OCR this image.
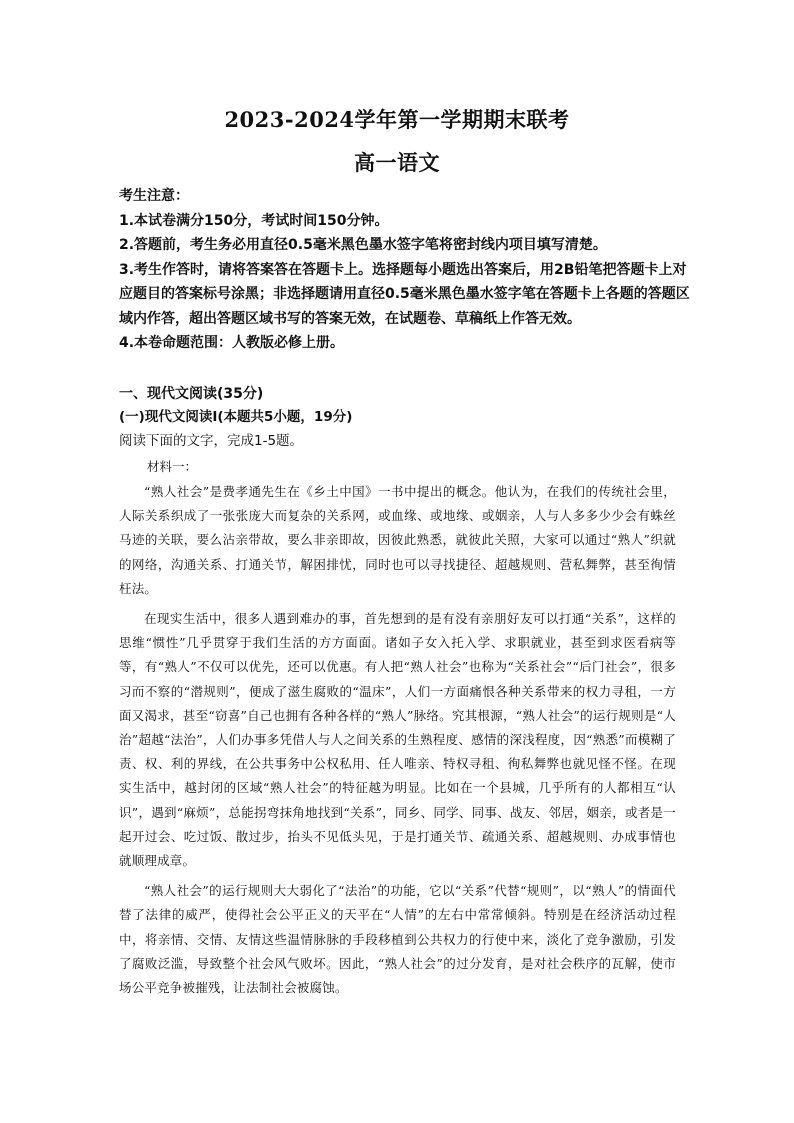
2023-2024学年第一学期期末联考
高一语文

考生注意：

1.本试卷满分150分，考试时间150分钟。

2.答题前，考生务必用直径0.5毫米黑色墨水签字笔将密封线内项目填写清楚。

3.考生作答时，请将答案答在答题卡上。选择题每小题选出答案后，用2B铅笔把答题卡上对应题目的答案标号涂黑；非选择题请用直径0.5毫米黑色墨水签字笔在答题卡上各题的答题区域内作答，超出答题区域书写的答案无效，在试题卷、草稿纸上作答无效。

4.本卷命题范围：人教版必修上册。

一、现代文阅读(35分)
(一)现代文阅读Ⅰ(本题共5小题，19分)
阅读下面的文字，完成1-5题。
材料一：

“熟人社会”是费孝通先生在《乡土中国》一书中提出的概念。他认为，在我们的传统社会里，人际关系织成了一张张庞大而复杂的关系网，或血缘、或地缘、或姻亲，人与人多多少少会有蛛丝马迹的关联，要么沾亲带故，要么非亲即故，因彼此熟悉，就彼此关照，大家可以通过“熟人”织就的网络，沟通关系、打通关节，解困排忧，同时也可以寻找捷径、超越规则、营私舞弊，甚至徇情枉法。

在现实生活中，很多人遇到难办的事，首先想到的是有没有亲朋好友可以打通“关系”，这样的思维“惯性”几乎贯穿于我们生活的方方面面。诸如子女入托入学、求职就业，甚至到求医看病等等，有“熟人”不仅可以优先，还可以优惠。有人把“熟人社会”也称为“关系社会”“后门社会”，很多习而不察的“潜规则”，便成了滋生腐败的“温床”，人们一方面痛恨各种关系带来的权力寻租，一方面又渴求，甚至“窃喜”自己也拥有各种各样的“熟人”脉络。究其根源，“熟人社会”的运行规则是“人治”超越“法治”，人们办事多凭借人与人之间关系的生熟程度、感情的深浅程度，因“熟悉”而模糊了责、权、利的界线，在公共事务中公权私用、任人唯亲、特权寻租、徇私舞弊也就见怪不怪。在现实生活中，越封闭的区域“熟人社会”的特征越为明显。比如在一个县城，几乎所有的人都相互“认识”，遇到“麻烦”，总能拐弯抹角地找到“关系”，同乡、同学、同事、战友、邻居，姻亲，或者是一起开过会、吃过饭、散过步，抬头不见低头见，于是打通关节、疏通关系、超越规则、办成事情也就顺理成章。

“熟人社会”的运行规则大大弱化了“法治”的功能，它以“关系”代替“规则”，以“熟人”的情面代替了法律的威严，使得社会公平正义的天平在“人情”的左右中常常倾斜。特别是在经济活动过程中，将亲情、交情、友情这些温情脉脉的手段移植到公共权力的行使中来，淡化了竞争激励，引发了腐败泛滥，导致整个社会风气败坏。因此，“熟人社会”的过分发育，是对社会秩序的瓦解，使市场公平竞争被摧残，让法制社会被腐蚀。
